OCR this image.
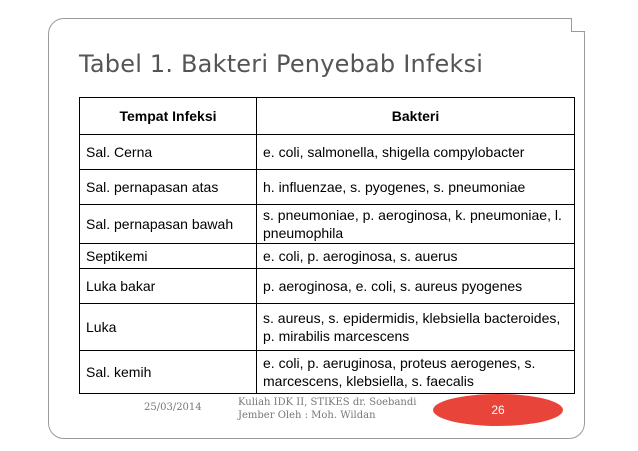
Tabel 1. Bakteri Penyebab Infeksi
Tempat Infeksi	Bakteri
Sal. Cerna	e. coli, salmonella, shigella compylobacter
Sal. pernapasan atas	h. influenzae, s. pyogenes, s. pneumoniae
Sal. pernapasan bawah	s. pneumoniae, p. aeroginosa, k. pneumoniae, l. pneumophila
Septikemi	e. coli, p. aeroginosa, s. auerus
Luka bakar	p. aeroginosa, e. coli, s. aureus pyogenes
Luka	s. aureus, s. epidermidis, klebsiella bacteroides, p. mirabilis marcescens
Sal. kemih	e. coli, p. aeruginosa, proteus aerogenes, s. marcescens, klebsiella, s. faecalis
25/03/2014	Kuliah IDK II, STIKES dr. Soebandi
Jember Oleh : Moh. Wildan	26
